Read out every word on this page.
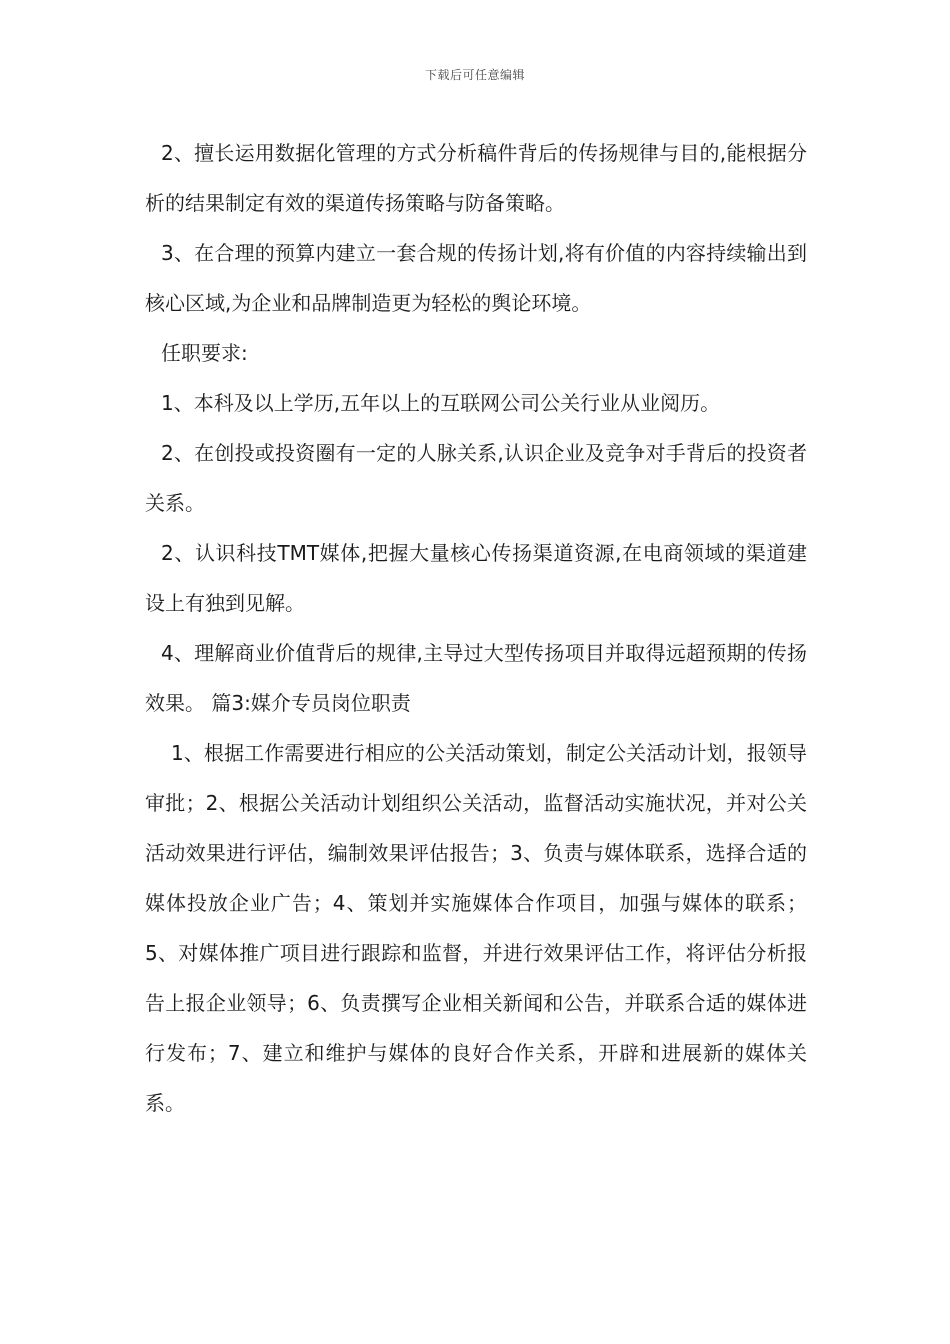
下载后可任意编辑

2、擅长运用数据化管理的方式分析稿件背后的传扬规律与目的,能根据分析的结果制定有效的渠道传扬策略与防备策略。

3、在合理的预算内建立一套合规的传扬计划,将有价值的内容持续输出到核心区域,为企业和品牌制造更为轻松的舆论环境。

任职要求:

1、本科及以上学历,五年以上的互联网公司公关行业从业阅历。

2、在创投或投资圈有一定的人脉关系,认识企业及竞争对手背后的投资者关系。

2、认识科技TMT媒体,把握大量核心传扬渠道资源,在电商领域的渠道建设上有独到见解。

4、理解商业价值背后的规律,主导过大型传扬项目并取得远超预期的传扬效果。 篇3:媒介专员岗位职责

1、根据工作需要进行相应的公关活动策划，制定公关活动计划，报领导审批；2、根据公关活动计划组织公关活动，监督活动实施状况，并对公关活动效果进行评估，编制效果评估报告；3、负责与媒体联系，选择合适的媒体投放企业广告；4、策划并实施媒体合作项目，加强与媒体的联系；5、对媒体推广项目进行跟踪和监督，并进行效果评估工作，将评估分析报告上报企业领导；6、负责撰写企业相关新闻和公告，并联系合适的媒体进行发布；7、建立和维护与媒体的良好合作关系，开辟和进展新的媒体关系。
